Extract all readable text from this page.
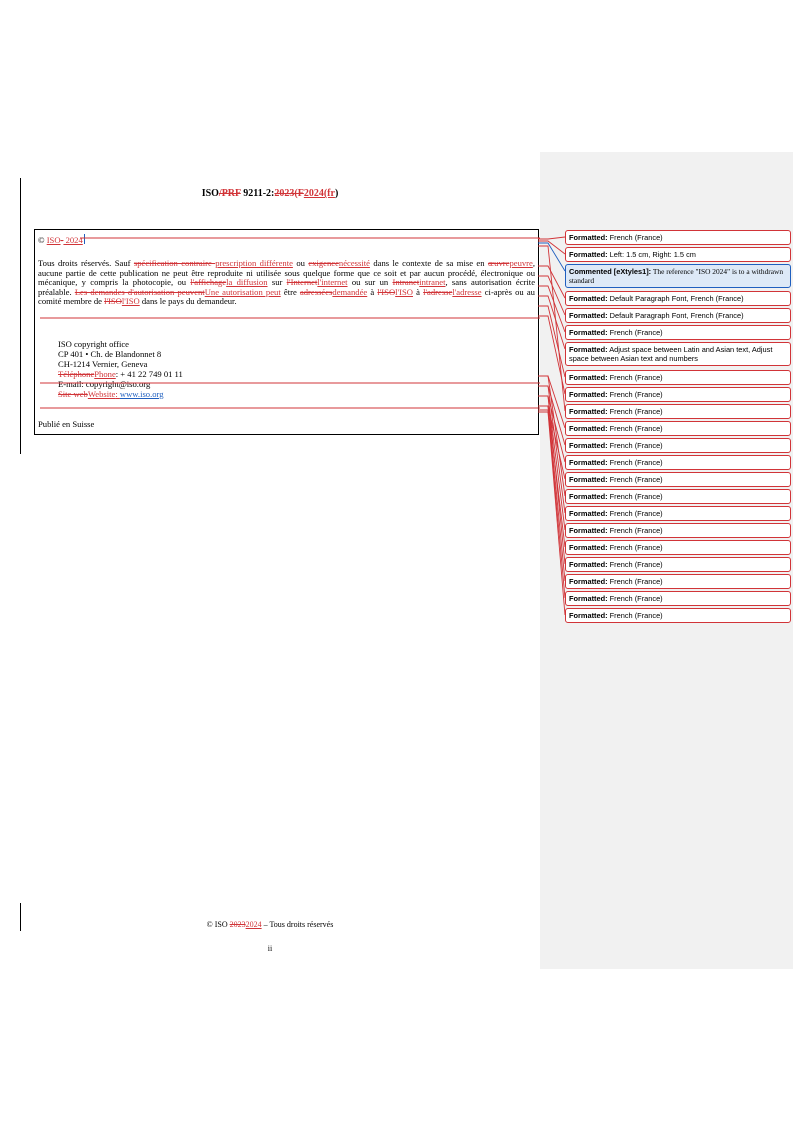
ISO/PRF 9211-2:2023(F2024(fr)
© ISO- 2024
Tous droits réservés. Sauf spécification contraire prescription différente ou exigencenécessité dans le contexte de sa mise en œuvrepeuvre, aucune partie de cette publication ne peut être reproduite ni utilisée sous quelque forme que ce soit et par aucun procédé, électronique ou mécanique, y compris la photocopie, ou l'affichagela diffusion sur l'Internetl'internet ou sur un Intranetintranet, sans autorisation écrite préalable. Les demandes d'autorisation peuventUne autorisation peut être adresséesdemandée à l'ISOl'ISO à l'adressel'adresse ci-après ou au comité membre de l'ISOl'ISO dans le pays du demandeur.
ISO copyright office
CP 401 • Ch. de Blandonnet 8
CH-1214 Vernier, Geneva
TéléphonePhone: + 41 22 749 01 11
E-mail: copyright@iso.org
Site webWebsite: www.iso.org
Publié en Suisse
© ISO 20232024 – Tous droits réservés
ii
Formatted: French (France)
Formatted: Left: 1.5 cm, Right: 1.5 cm
Commented [eXtyles1]: The reference "ISO 2024" is to a withdrawn standard
Formatted: Default Paragraph Font, French (France)
Formatted: Default Paragraph Font, French (France)
Formatted: French (France)
Formatted: Adjust space between Latin and Asian text, Adjust space between Asian text and numbers
Formatted: French (France)
Formatted: French (France)
Formatted: French (France)
Formatted: French (France)
Formatted: French (France)
Formatted: French (France)
Formatted: French (France)
Formatted: French (France)
Formatted: French (France)
Formatted: French (France)
Formatted: French (France)
Formatted: French (France)
Formatted: French (France)
Formatted: French (France)
Formatted: French (France)
